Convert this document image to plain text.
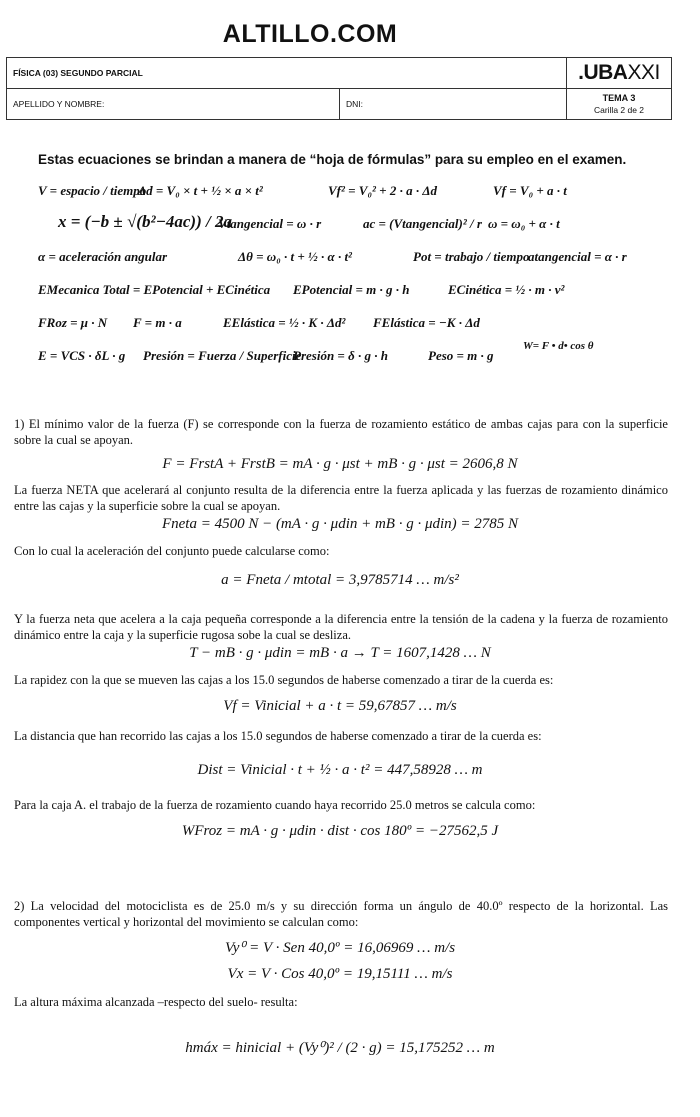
ALTILLO.COM
FÍSICA (03) SEGUNDO PARCIAL		.UBAXXI

APELLIDO Y NOMBRE:	DNI:	TEMA 3
Carilla 2 de 2
Estas ecuaciones se brindan a manera de “hoja de fórmulas” para su empleo en el examen.
V = espacio / tiempo
Δd = V₀ × t + ½ × a × t²	Vf² = V₀² + 2 · a · Δd	Vf = V₀ + a · t
x = (−b ± √(b²−4ac)) / 2a
Vtangencial = ω · r	ac = (Vtangencial)² / r ω = ω₀ + α · t
α = aceleración angular	Δθ = ω₀ · t + ½ · α · t²	Pot = trabajo / tiempo
atangencial = α · r
EMecanica Total = EPotencial + ECinética EPotencial = m · g · h	ECinética = ½ · m · v²
FRoz = μ · N F = m · a	EElástica = ½ · K · Δd² FElástica = −K · Δd
E = VCS · δL · g Presión = Fuerza / Superficie
Presión = δ · g · h	Peso = m · g
W= F • d• cos θ
1) El mínimo valor de la fuerza (F) se corresponde con la fuerza de rozamiento estático de ambas cajas para con la superficie sobre la cual se apoyan.
F = FrstA + FrstB = mA · g · μst + mB · g · μst = 2606,8 N
La fuerza NETA que acelerará al conjunto resulta de la diferencia entre la fuerza aplicada y las fuerzas de rozamiento dinámico entre las cajas y la superficie sobre la cual se apoyan.
Fneta = 4500 N − (mA · g · μdin + mB · g · μdin) = 2785 N
Con lo cual la aceleración del conjunto puede calcularse como:
a = Fneta / mtotal = 3,9785714 … m/s²
Y la fuerza neta que acelera a la caja pequeña corresponde a la diferencia entre la tensión de la cadena y la fuerza de rozamiento dinámico entre la caja y la superficie rugosa sobe la cual se desliza.
T − mB · g · μdin = mB · a → T = 1607,1428 … N
La rapidez con la que se mueven las cajas a los 15.0 segundos de haberse comenzado a tirar de la cuerda es:
Vf = Vinicial + a · t = 59,67857 … m/s
La distancia que han recorrido las cajas a los 15.0 segundos de haberse comenzado a tirar de la cuerda es:
Dist = Vinicial · t + ½ · a · t² = 447,58928 … m
Para la caja A. el trabajo de la fuerza de rozamiento cuando haya recorrido 25.0 metros se calcula como:
WFroz = mA · g · μdin · dist · cos 180º = −27562,5 J
2) La velocidad del motociclista es de 25.0 m/s y su dirección forma un ángulo de 40.0º respecto de la horizontal. Las componentes vertical y horizontal del movimiento se calculan como:
Vy⁰ = V · Sen 40,0º = 16,06969 … m/s
Vx = V · Cos 40,0º = 19,15111 … m/s
La altura máxima alcanzada –respecto del suelo- resulta:
hmáx = hinicial + (Vy⁰)² / (2 · g) = 15,175252 … m
